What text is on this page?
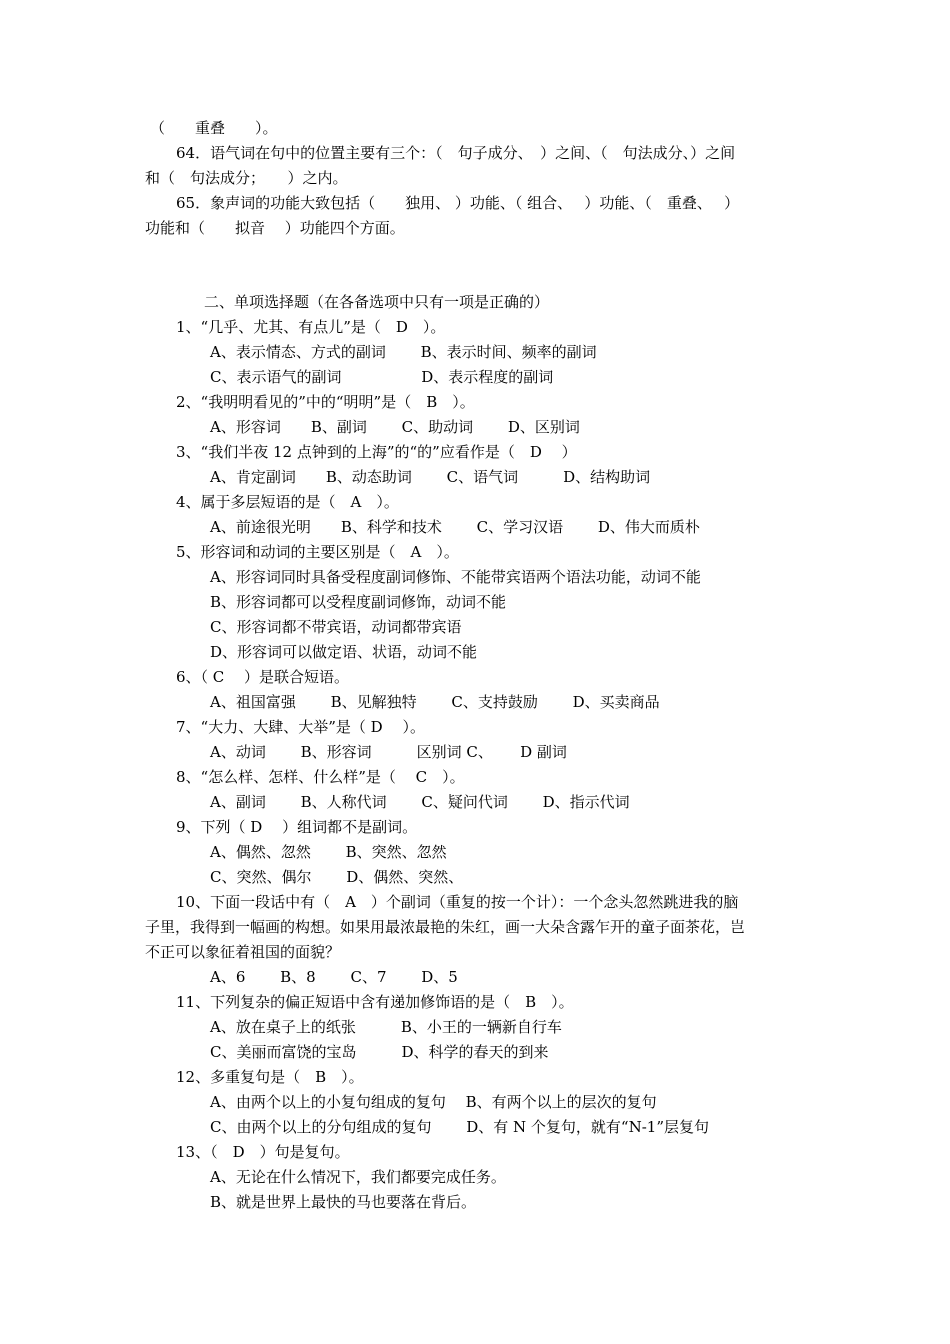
（　　重叠　　）。
64．语气词在句中的位置主要有三个：（　句子成分、　）之间、（　句法成分、）之间
和（　句法成分；　　）之内。
65．象声词的功能大致包括（　　独用、 ）功能、（ 组合、　 ）功能、（　重叠、　 ）
功能和（　　拟音　 ）功能四个方面。
二、单项选择题（在各备选项中只有一项是正确的）
1、“几乎、尤其、有点儿”是（　D　）。
A、表示情态、方式的副词　　 B、表示时间、频率的副词
C、表示语气的副词　　　　　 D、表示程度的副词
2、“我明明看见的”中的“明明”是（　B　）。
A、形容词　　B、副词　　 C、助动词　　 D、区别词
3、“我们半夜 12 点钟到的上海”的“的”应看作是（　D　 ）
A、肯定副词　　B、动态助词　　 C、语气词　　　D、结构助词
4、属于多层短语的是（　A　）。
A、前途很光明　　B、科学和技术　　 C、学习汉语　　 D、伟大而质朴
5、形容词和动词的主要区别是（　A　）。
A、形容词同时具备受程度副词修饰、不能带宾语两个语法功能，动词不能
B、形容词都可以受程度副词修饰，动词不能
C、形容词都不带宾语，动词都带宾语
D、形容词可以做定语、状语，动词不能
6、（ C　 ）是联合短语。
A、祖国富强　　 B、见解独特　　 C、支持鼓励　　 D、买卖商品
7、“大力、大肆、大举”是（ D　 ）。
A、动词　　 B、形容词　　　区别词 C、　　 D 副词
8、“怎么样、怎样、什么样”是（　 C　）。
A、副词　　 B、人称代词　　 C、疑问代词　　 D、指示代词
9、下列（ D　 ）组词都不是副词。
A、偶然、忽然　　 B、突然、忽然
C、突然、偶尔　　 D、偶然、突然、
10、下面一段话中有（　A　）个副词（重复的按一个计）：一个念头忽然跳进我的脑
子里，我得到一幅画的构想。如果用最浓最艳的朱红，画一大朵含露乍开的童子面茶花，岂
不正可以象征着祖国的面貌？
A、6　　 B、8　　 C、7　　 D、5
11、下列复杂的偏正短语中含有递加修饰语的是（　B　）。
A、放在桌子上的纸张　　　B、小王的一辆新自行车
C、美丽而富饶的宝岛　　　D、科学的春天的到来
12、多重复句是（　B　）。
A、由两个以上的小复句组成的复句　 B、有两个以上的层次的复句
C、由两个以上的分句组成的复句　　 D、有 N 个复句，就有“N-1”层复句
13、（　D　）句是复句。
A、无论在什么情况下，我们都要完成任务。
B、就是世界上最快的马也要落在背后。
